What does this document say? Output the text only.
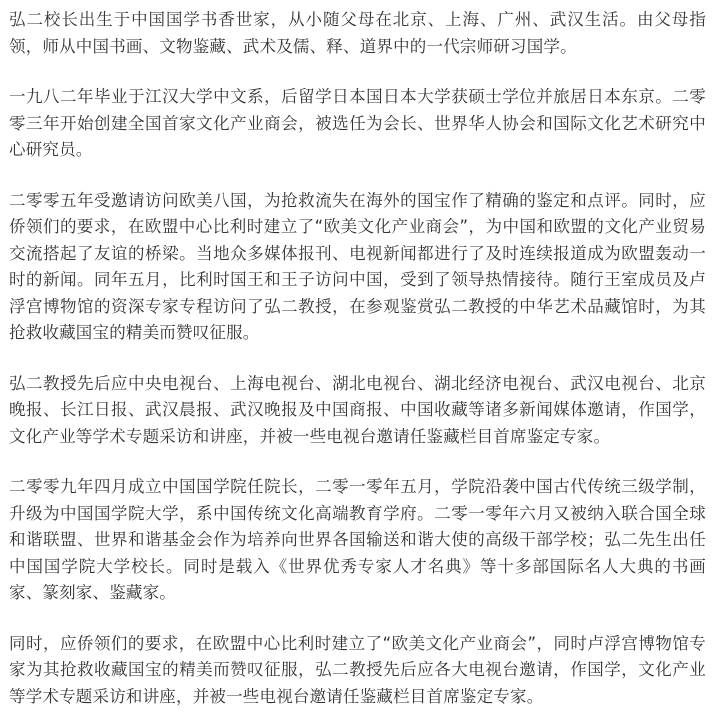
弘二校长出生于中国国学书香世家，从小随父母在北京、上海、广州、武汉生活。由父母指领，师从中国书画、文物鉴藏、武术及儒、释、道界中的一代宗师研习国学。

一九八二年毕业于江汉大学中文系，后留学日本国日本大学获硕士学位并旅居日本东京。二零零三年开始创建全国首家文化产业商会，被选任为会长、世界华人协会和国际文化艺术研究中心研究员。

二零零五年受邀请访问欧美八国，为抢救流失在海外的国宝作了精确的鉴定和点评。同时，应侨领们的要求，在欧盟中心比利时建立了“欧美文化产业商会”，为中国和欧盟的文化产业贸易交流搭起了友谊的桥梁。当地众多媒体报刊、电视新闻都进行了及时连续报道成为欧盟轰动一时的新闻。同年五月，比利时国王和王子访问中国，受到了领导热情接待。随行王室成员及卢浮宫博物馆的资深专家专程访问了弘二教授，在参观鉴赏弘二教授的中华艺术品藏馆时，为其抢救收藏国宝的精美而赞叹征服。

弘二教授先后应中央电视台、上海电视台、湖北电视台、湖北经济电视台、武汉电视台、北京晚报、长江日报、武汉晨报、武汉晚报及中国商报、中国收藏等诸多新闻媒体邀请，作国学，文化产业等学术专题采访和讲座，并被一些电视台邀请任鉴藏栏目首席鉴定专家。

二零零九年四月成立中国国学院任院长，二零一零年五月，学院沿袭中国古代传统三级学制，升级为中国国学院大学，系中国传统文化高端教育学府。二零一零年六月又被纳入联合国全球和谐联盟、世界和谐基金会作为培养向世界各国输送和谐大使的高级干部学校；弘二先生出任中国国学院大学校长。同时是载入《世界优秀专家人才名典》等十多部国际名人大典的书画家、篆刻家、鉴藏家。

同时，应侨领们的要求，在欧盟中心比利时建立了“欧美文化产业商会”，同时卢浮宫博物馆专家为其抢救收藏国宝的精美而赞叹征服，弘二教授先后应各大电视台邀请，作国学，文化产业等学术专题采访和讲座，并被一些电视台邀请任鉴藏栏目首席鉴定专家。
